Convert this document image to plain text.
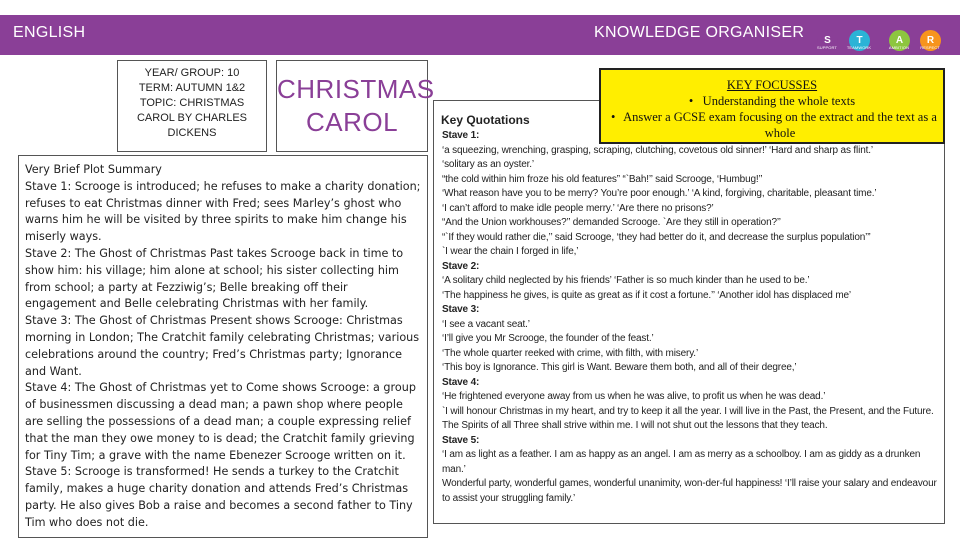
ENGLISH	KNOWLEDGE ORGANISER	S
SUPPORT
T
TEAMWORK
A
AMBITION
R
RESPECT
YEAR/ GROUP: 10
TERM: AUTUMN 1&2
TOPIC: CHRISTMAS
CAROL BY CHARLES
DICKENS
CHRISTMAS
CAROL

Very Brief Plot Summary

Stave 1: Scrooge is introduced; he refuses to make a charity donation; refuses to eat Christmas dinner with Fred; sees Marley’s ghost who warns him he will be visited by three spirits to make him change his miserly ways.

Stave 2: The Ghost of Christmas Past takes Scrooge back in time to show him: his village; him alone at school; his sister collecting him from school; a party at Fezziwig’s; Belle breaking off their engagement and Belle celebrating Christmas with her family.

Stave 3: The Ghost of Christmas Present shows Scrooge: Christmas morning in London; The Cratchit family celebrating Christmas; various celebrations around the country; Fred’s Christmas party; Ignorance and Want.

Stave 4: The Ghost of Christmas yet to Come shows Scrooge: a group of businessmen discussing a dead man; a pawn shop where people are selling the possessions of a dead man; a couple expressing relief that the man they owe money to is dead; the Cratchit family grieving for Tiny Tim; a grave with the name Ebenezer Scrooge written on it.

Stave 5: Scrooge is transformed! He sends a turkey to the Cratchit family, makes a huge charity donation and attends Fred’s Christmas party. He also gives Bob a raise and becomes a second father to Tiny Tim who does not die.

Key Quotations
Stave 1:
‘a squeezing, wrenching, grasping, scraping, clutching, covetous old sinner!’ ‘Hard and sharp as flint.’
‘solitary as an oyster.’
“the cold within him froze his old features” “`Bah!’’ said Scrooge, ‘Humbug!’’
‘What reason have you to be merry? You’re poor enough.’ ‘A kind, forgiving, charitable, pleasant time.’
‘I can’t afford to make idle people merry.’ ‘Are there no prisons?’
“And the Union workhouses?’’ demanded Scrooge. `Are they still in operation?’’
“`If they would rather die,’’ said Scrooge, ‘they had better do it, and decrease the surplus population’”
`I wear the chain I forged in life,’
Stave 2:
‘A solitary child neglected by his friends’ ‘Father is so much kinder than he used to be.’
‘The happiness he gives, is quite as great as if it cost a fortune.’’ ‘Another idol has displaced me’
Stave 3:
‘I see a vacant seat.’
‘I’ll give you Mr Scrooge, the founder of the feast.’
‘The whole quarter reeked with crime, with filth, with misery.’
‘This boy is Ignorance. This girl is Want. Beware them both, and all of their degree,’
Stave 4:
‘He frightened everyone away from us when he was alive, to profit us when he was dead.’
`I will honour Christmas in my heart, and try to keep it all the year. I will live in the Past, the Present, and the Future. The Spirits of all Three shall strive within me. I will not shut out the lessons that they teach.
Stave 5:
‘I am as light as a feather. I am as happy as an angel. I am as merry as a schoolboy. I am as giddy as a drunken man.’
Wonderful party, wonderful games, wonderful unanimity, won-der-ful happiness! ‘I’ll raise your salary and endeavour to assist your struggling family.’
KEY FOCUSSES
• Understanding the whole texts
• Answer a GCSE exam focusing on the extract and the text as a whole
